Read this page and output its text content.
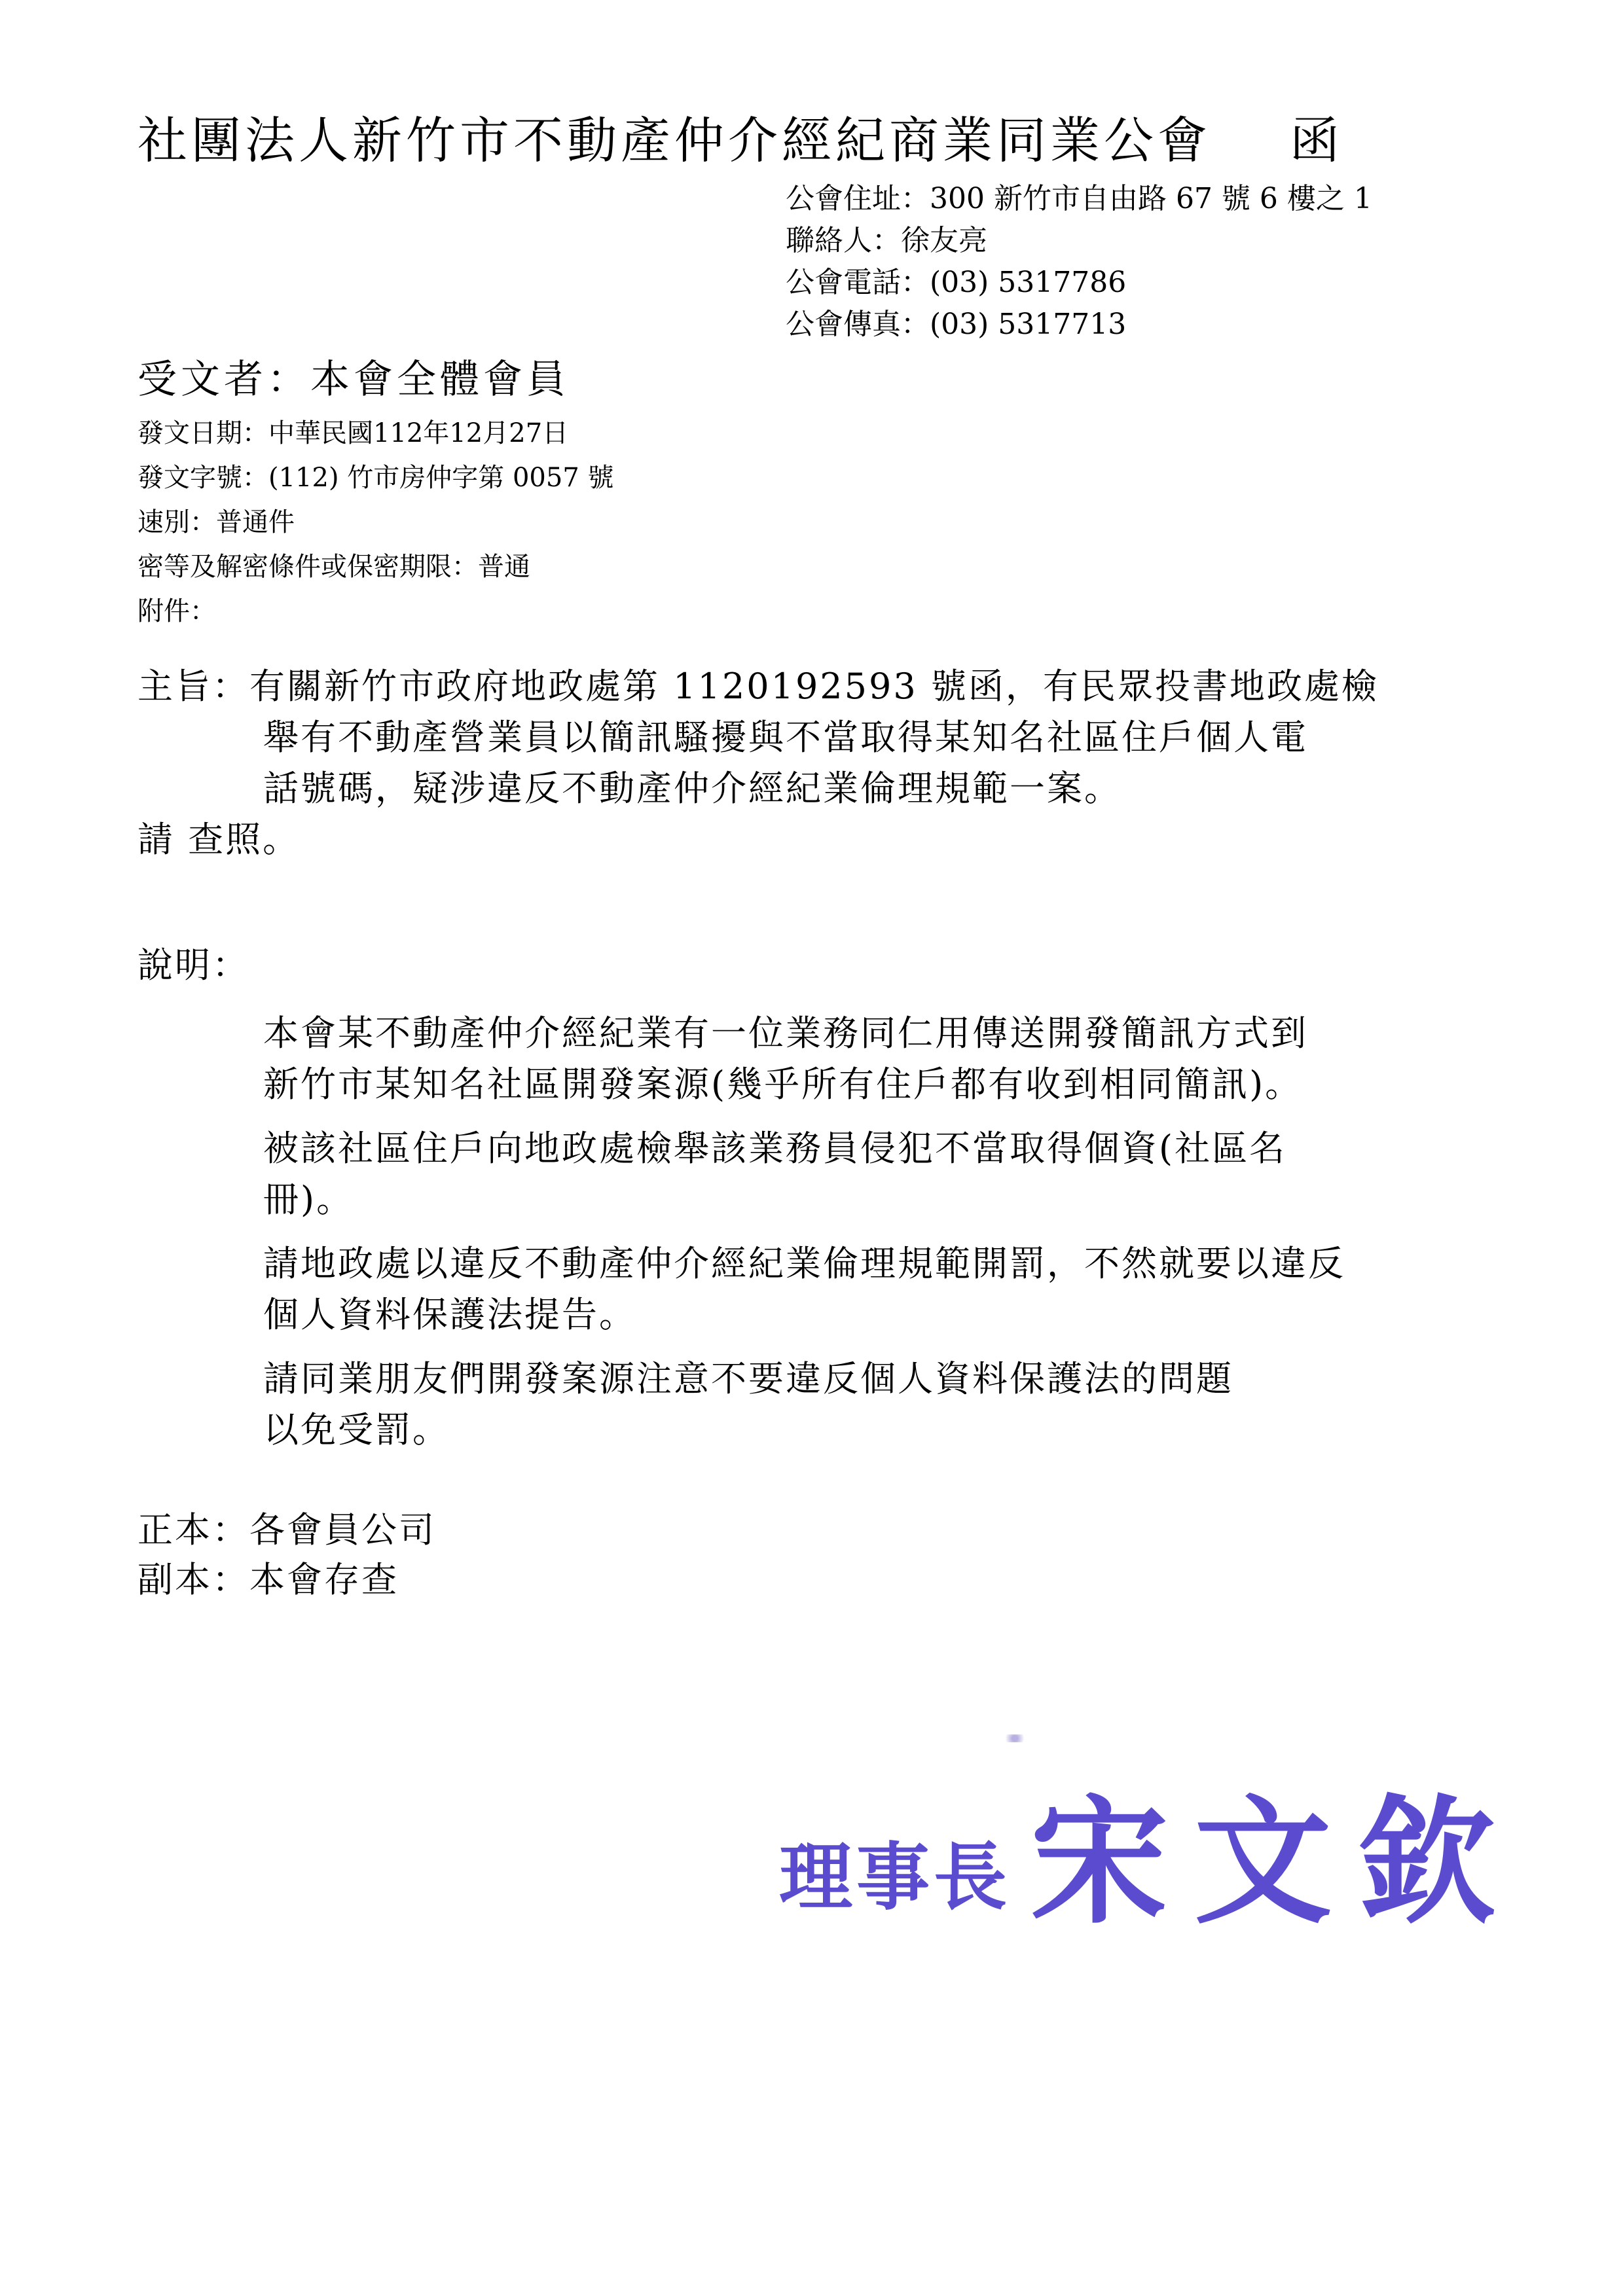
社團法人新竹市不動產仲介經紀商業同業公會 函
公會住址：300 新竹市自由路 67 號 6 樓之 1
聯絡人：徐友亮
公會電話：(03) 5317786
公會傳真：(03) 5317713
受文者：本會全體會員
發文日期：中華民國112年12月27日
發文字號：(112) 竹市房仲字第 0057 號
速別：普通件
密等及解密條件或保密期限：普通
附件：
主旨：有關新竹市政府地政處第 1120192593 號函，有民眾投書地政處檢
舉有不動產營業員以簡訊騷擾與不當取得某知名社區住戶個人電
話號碼，疑涉違反不動產仲介經紀業倫理規範一案。
請 查照。
說明：
本會某不動產仲介經紀業有一位業務同仁用傳送開發簡訊方式到
新竹市某知名社區開發案源(幾乎所有住戶都有收到相同簡訊)。
被該社區住戶向地政處檢舉該業務員侵犯不當取得個資(社區名
冊)。
請地政處以違反不動產仲介經紀業倫理規範開罰，不然就要以違反
個人資料保護法提告。
請同業朋友們開發案源注意不要違反個人資料保護法的問題
以免受罰。
正本：各會員公司
副本：本會存查
理事長 宋文欽
